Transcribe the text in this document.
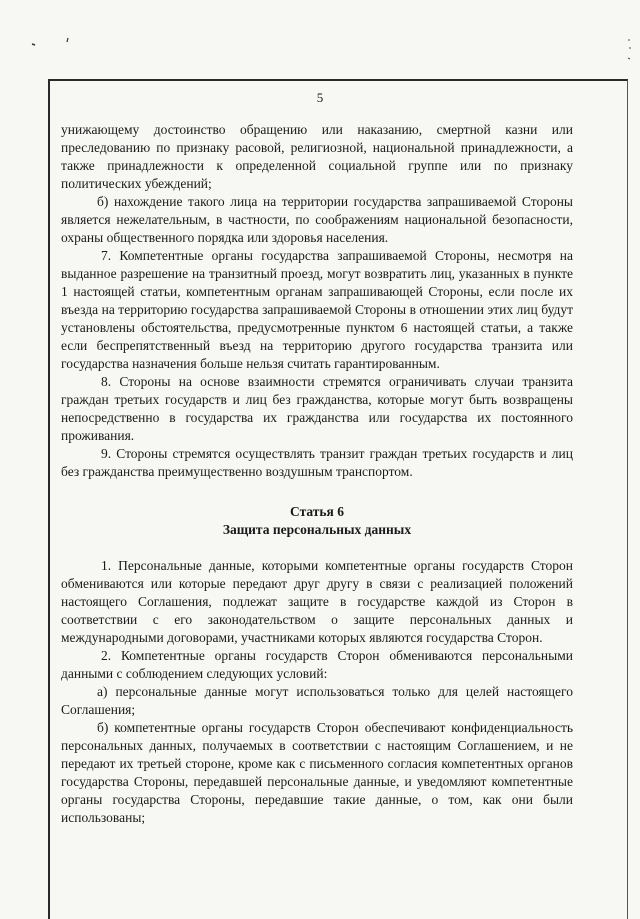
5

унижающему достоинство обращению или наказанию, смертной казни или преследованию по признаку расовой, религиозной, национальной принадлежности, а также принадлежности к определенной социальной группе или по признаку политических убеждений;

б) нахождение такого лица на территории государства запрашиваемой Стороны является нежелательным, в частности, по соображениям национальной безопасности, охраны общественного порядка или здоровья населения.

7. Компетентные органы государства запрашиваемой Стороны, несмотря на выданное разрешение на транзитный проезд, могут возвратить лиц, указанных в пункте 1 настоящей статьи, компетентным органам запрашивающей Стороны, если после их въезда на территорию государства запрашиваемой Стороны в отношении этих лиц будут установлены обстоятельства, предусмотренные пунктом 6 настоящей статьи, а также если беспрепятственный въезд на территорию другого государства транзита или государства назначения больше нельзя считать гарантированным.

8. Стороны на основе взаимности стремятся ограничивать случаи транзита граждан третьих государств и лиц без гражданства, которые могут быть возвращены непосредственно в государства их гражданства или государства их постоянного проживания.

9. Стороны стремятся осуществлять транзит граждан третьих государств и лиц без гражданства преимущественно воздушным транспортом.

Статья 6

Защита персональных данных

1. Персональные данные, которыми компетентные органы государств Сторон обмениваются или которые передают друг другу в связи с реализацией положений настоящего Соглашения, подлежат защите в государстве каждой из Сторон в соответствии с его законодательством о защите персональных данных и международными договорами, участниками которых являются государства Сторон.

2. Компетентные органы государств Сторон обмениваются персональными данными с соблюдением следующих условий:

а) персональные данные могут использоваться только для целей настоящего Соглашения;

б) компетентные органы государств Сторон обеспечивают конфиденциальность персональных данных, получаемых в соответствии с настоящим Соглашением, и не передают их третьей стороне, кроме как с письменного согласия компетентных органов государства Стороны, передавшей персональные данные, и уведомляют компетентные органы государства Стороны, передавшие такие данные, о том, как они были использованы;
